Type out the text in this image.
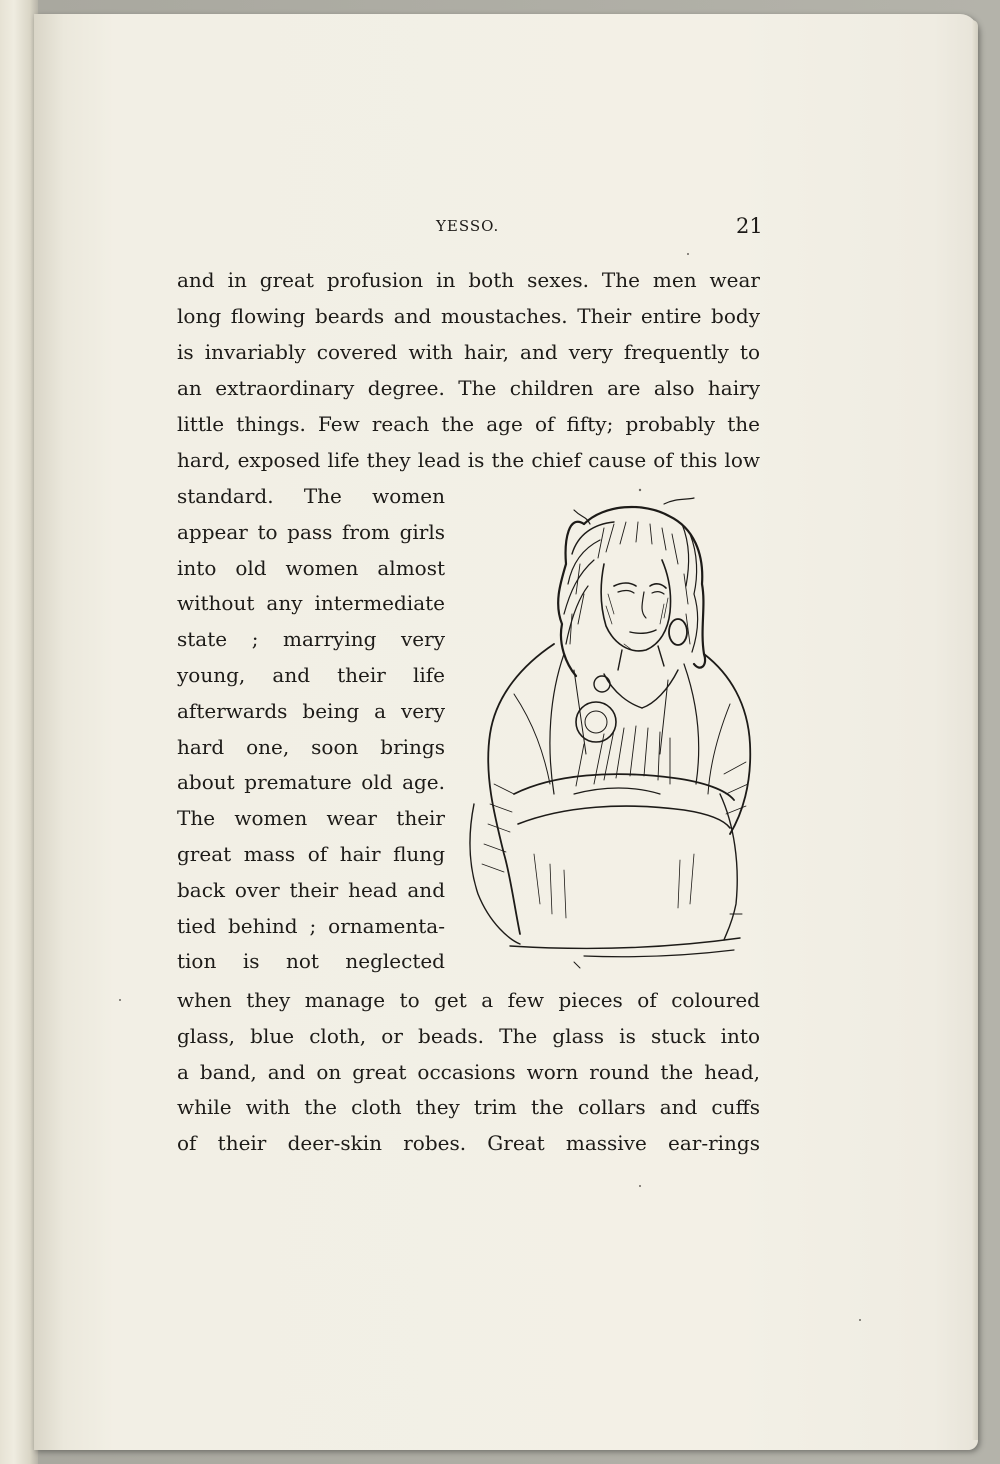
YESSO.	21
and in great profusion in both sexes. The men wear
long flowing beards and moustaches. Their entire body
is invariably covered with hair, and very frequently to
an extraordinary degree. The children are also hairy
little things. Few reach the age of fifty; probably the
hard, exposed life they lead is the chief cause of this low
standard. The women
appear to pass from girls
into old women almost
without any intermediate
state ; marrying very
young, and their life
afterwards being a very
hard one, soon brings
about premature old age.
The women wear their
great mass of hair flung
back over their head and
tied behind ; ornamenta-
tion is not neglected
when they manage to get a few pieces of coloured
glass, blue cloth, or beads. The glass is stuck into
a band, and on great occasions worn round the head,
while with the cloth they trim the collars and cuffs
of their deer-skin robes. Great massive ear-rings
